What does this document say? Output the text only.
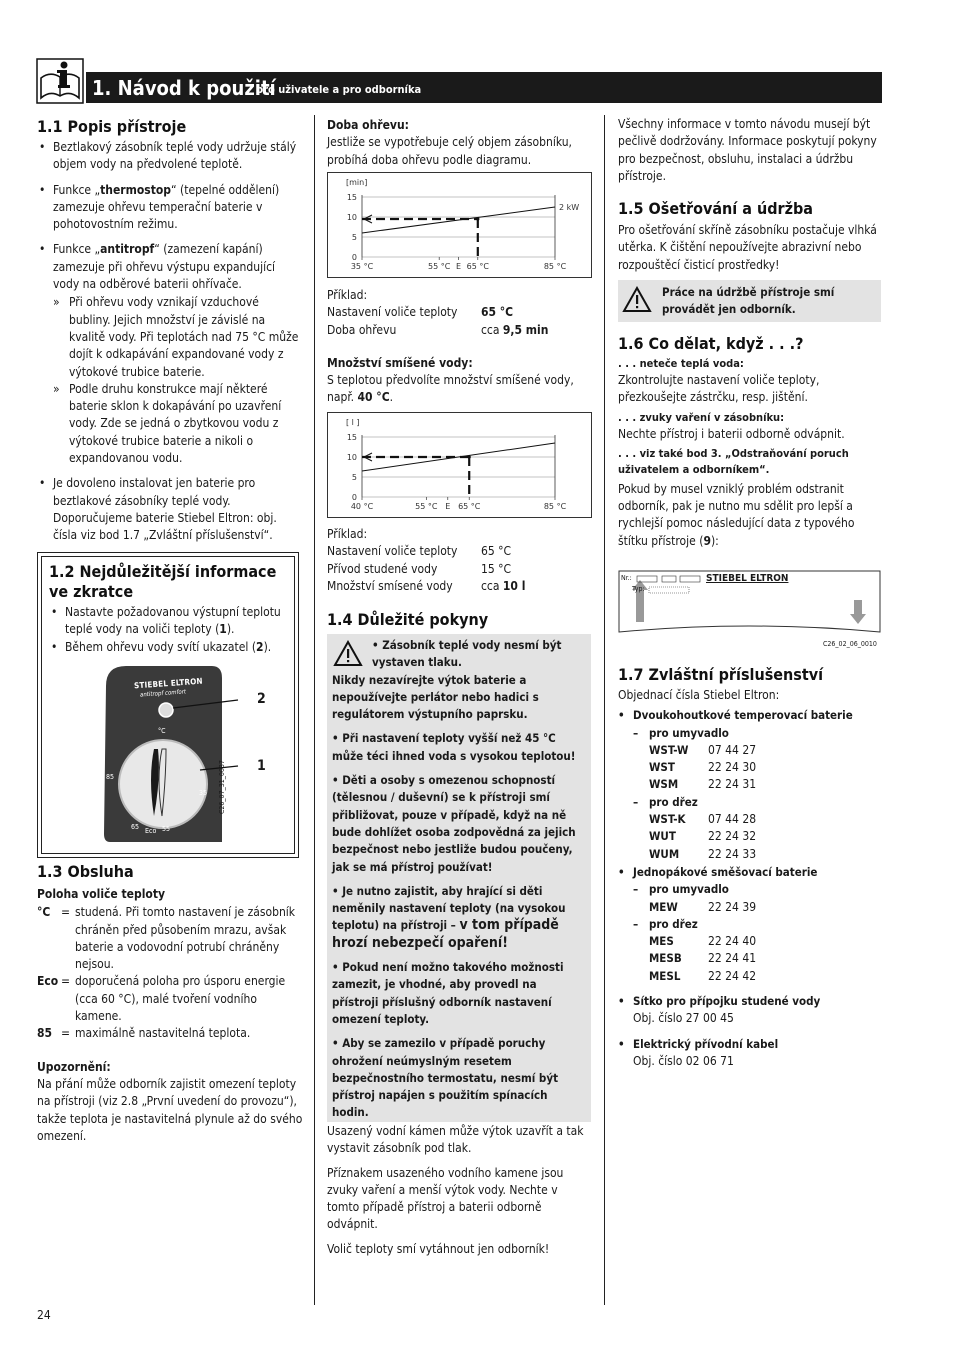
1. Návod k použití
pro uživatele a pro odborníka
1.1 Popis přístroje
• Beztlakový zásobník teplé vody udržuje stálý objem vody na předvolené teplotě.
• Funkce „thermostop“ (tepelné oddělení) zamezuje ohřevu temperační baterie v pohotovostním režimu.
• Funkce „antitropf“ (zamezení kapání) zamezuje při ohřevu výstupu expandující vody na odběrové baterii ohřívače.
» Při ohřevu vody vznikají vzduchové bubliny. Jejich množství je závislé na kvalitě vody. Při teplotách nad 75 °C může dojít k odkapávání expandované vody z výtokové trubice baterie.
» Podle druhu konstrukce mají některé baterie sklon k dokapávání po uzavření vody. Zde se jedná o zbytkovou vodu z výtokové trubice baterie a nikoli o expandovanou vodu.
• Je dovoleno instalovat jen baterie pro beztlakové zásobníky teplé vody. Doporučujeme baterie Stiebel Eltron: obj. čísla viz bod 1.7 „Zvláštní příslušenství“.
1.2 Nejdůležitější informace ve zkratce
• Nastavte požadovanou výstupní teplotu teplé vody na voliči teploty (1).
• Během ohřevu vody svítí ukazatel (2).
STIEBEL ELTRON
antitropf comfort
°C
85
35
65 Eco 55
2
1
C26_07_31_0037
1.3 Obsluha

Poloha voliče teploty

°C	=	studená. Při tomto nastavení je zásobník chráněn před působením mrazu, avšak baterie a vodovodní potrubí chráněny nejsou.
Eco	=	doporučená poloha pro úsporu energie (cca 60 °C), malé tvoření vodního kamene.
85	=	maximálně nastavitelná teplota.

Upozornění:

Na přání může odborník zajistit omezení teploty na přístroji (viz 2.8 „První uvedení do provozu“), takže teplota je nastavitelná plynule až do svého omezení.

Doba ohřevu:

Jestliže se vypotřebuje celý objem zásobníku, probíhá doba ohřevu podle diagramu.

[min]
0
5
10
15
35 °C	55 °C E 65 °C	85 °C
2 kW

Příklad:

Nastavení voliče teploty	65 °C
Doba ohřevu	cca 9,5 min

Množství smíšené vody:

S teplotou předvolíte množství smíšené vody, např. 40 °C.

[ l ]
0
5
10
15
40 °C	55 °C E 65 °C	85 °C

Příklad:

Nastavení voliče teploty	65 °C
Přívod studené vody	15 °C
Množství smísené vody	cca 10 l
1.4 Důležité pokyny

• Zásobník teplé vody nesmí být vystaven tlaku.

Nikdy nezavírejte výtok baterie a nepoužívejte perlátor nebo hadici s regulátorem výstupního paprsku.

• Při nastavení teploty vyšší než 45 °C může téci ihned voda s vysokou teplotou!

• Děti a osoby s omezenou schopností (tělesnou / duševní) se k přístroji smí přibližovat, pouze v případě, když na ně bude dohlížet osoba zodpovědná za jejich bezpečnost nebo jestliže budou poučeny, jak se má přístroj používat!

• Je nutno zajistit, aby hrající si děti neměnily nastavení teploty (na vysokou teplotu) na přístroji – v tom případě hrozí nebezpečí opaření!

• Pokud není možno takového možnosti zamezit, je vhodné, aby provedl na přístroji příslušný odborník nastavení omezení teploty.

• Aby se zamezilo v případě poruchy ohrožení neúmyslným resetem bezpečnostního termostatu, nesmí být přístroj napájen s použitím spínacích hodin.

Usazený vodní kámen může výtok uzavřít a tak vystavit zásobník pod tlak.

Příznakem usazeného vodního kamene jsou zvuky vaření a menší výtok vody. Nechte v tomto případě přístroj a baterii odborně odvápnit.

Volič teploty smí vytáhnout jen odborník!

Všechny informace v tomto návodu musejí být pečlivě dodržovány. Informace poskytují pokyny pro bezpečnost, obsluhu, instalaci a údržbu přístroje.

1.5 Ošetřování a údržba

Pro ošetřování skříně zásobníku postačuje vlhká utěrka. K čištění nepoužívejte abrazivní nebo rozpouštěcí čisticí prostředky!

Práce na údržbě přístroje smí provádět jen odborník.

1.6 Co dělat, když . . .?

. . . neteče teplá voda:

Zkontrolujte nastavení voliče teploty, přezkoušejte zástrčku, resp. jištění.

. . . zvuky vaření v zásobníku:

Nechte přístroj i baterii odborně odvápnit.

. . . viz také bod 3. „Odstraňování poruch uživatelem a odborníkem“.

Pokud by musel vzniklý problém odstranit odborník, pak je nutno mu sdělit pro lepší a rychlejší pomoc následující data z typového štítku přístroje (9):

Nr.:
Typ:
STIEBEL ELTRON
C26_02_06_0010
1.7 Zvláštní příslušenství

Objednací čísla Stiebel Eltron:

• Dvoukohoutkové temperovací baterie

– pro umyvadlo

WST-W	07 44 27
WST	22 24 30
WSM	22 24 31

– pro dřez

WST-K	07 44 28
WUT	22 24 32
WUM	22 24 33

• Jednopákové směšovací baterie

– pro umyvadlo

MEW	22 24 39

– pro dřez

MES	22 24 40
MESB	22 24 41
MESL	22 24 42

• Sítko pro přípojku studené vody

Obj. číslo 27 00 45

• Elektrický přívodní kabel

Obj. číslo 02 06 71

24
